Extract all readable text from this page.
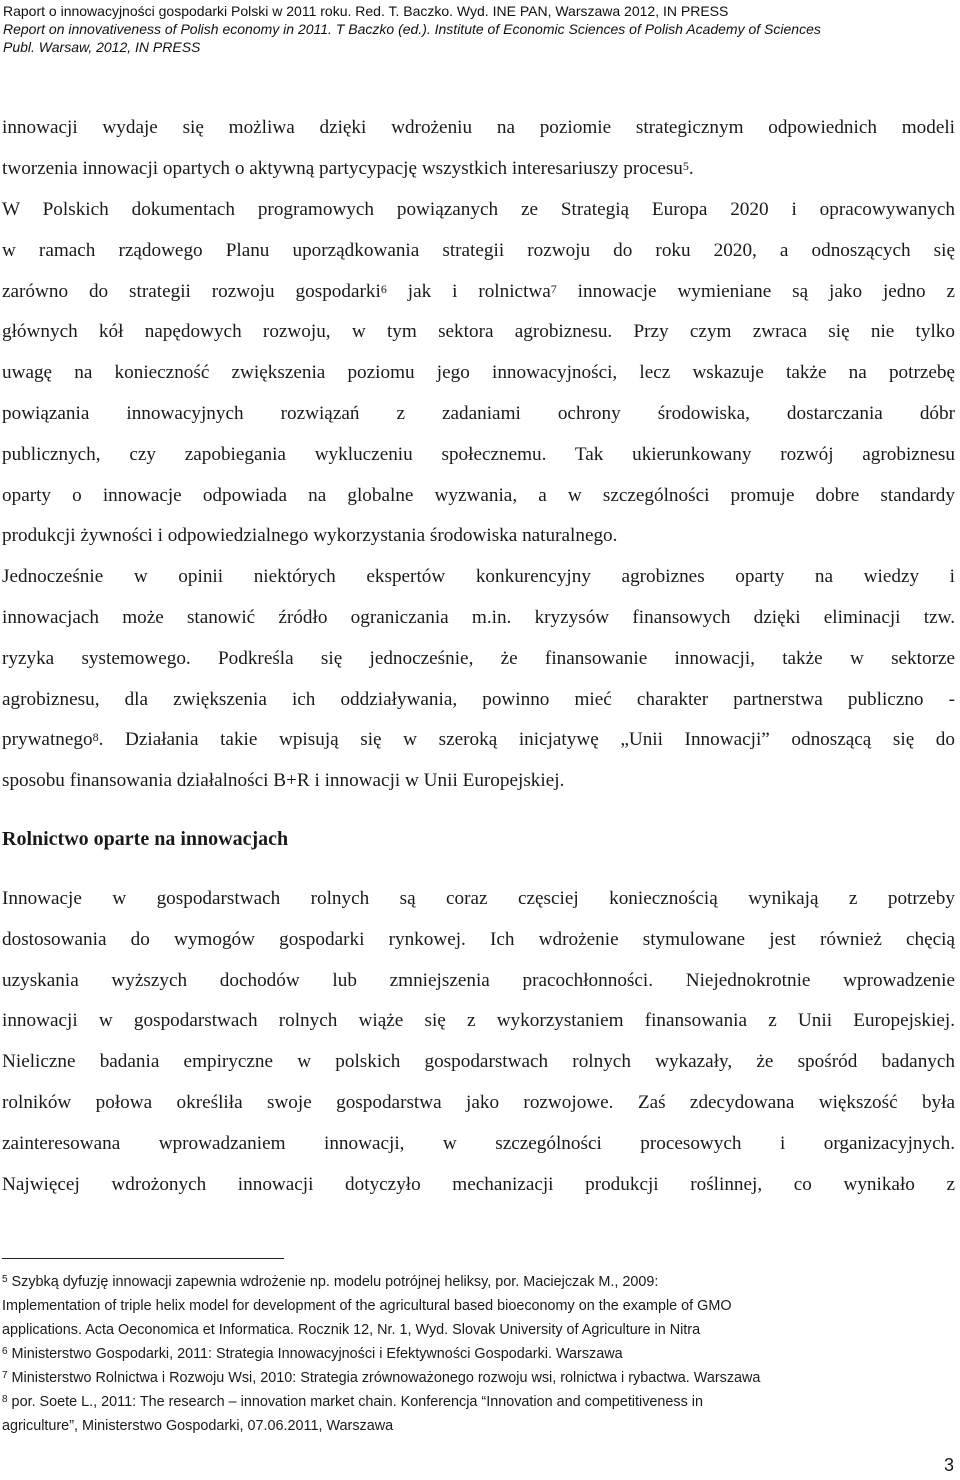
Raport o innowacyjności gospodarki Polski w 2011 roku. Red. T. Baczko. Wyd. INE PAN, Warszawa 2012, IN PRESS
Report on innovativeness of Polish economy in 2011. T Baczko (ed.). Institute of Economic Sciences of Polish Academy of Sciences
Publ. Warsaw, 2012, IN PRESS
innowacji wydaje się możliwa dzięki wdrożeniu na poziomie strategicznym odpowiednich modeli
tworzenia innowacji opartych o aktywną partycypację wszystkich interesariuszy procesu$^5$.
W Polskich dokumentach programowych powiązanych ze Strategią Europa 2020 i opracowywanych
w ramach rządowego Planu uporządkowania strategii rozwoju do roku 2020, a odnoszących się
zarówno do strategii rozwoju gospodarki$^6$ jak i rolnictwa$^7$ innowacje wymieniane są jako jedno z
głównych kół napędowych rozwoju, w tym sektora agrobiznesu. Przy czym zwraca się nie tylko
uwagę na konieczność zwiększenia poziomu jego innowacyjności, lecz wskazuje także na potrzebę
powiązania innowacyjnych rozwiązań z zadaniami ochrony środowiska, dostarczania dóbr
publicznych, czy zapobiegania wykluczeniu społecznemu. Tak ukierunkowany rozwój agrobiznesu
oparty o innowacje odpowiada na globalne wyzwania, a w szczególności promuje dobre standardy
produkcji żywności i odpowiedzialnego wykorzystania środowiska naturalnego.
Jednocześnie w opinii niektórych ekspertów konkurencyjny agrobiznes oparty na wiedzy i
innowacjach może stanowić źródło ograniczania m.in. kryzysów finansowych dzięki eliminacji tzw.
ryzyka systemowego. Podkreśla się jednocześnie, że finansowanie innowacji, także w sektorze
agrobiznesu, dla zwiększenia ich oddziaływania, powinno mieć charakter partnerstwa publiczno -
prywatnego$^8$. Działania takie wpisują się w szeroką inicjatywę „Unii Innowacji” odnoszącą się do
sposobu finansowania działalności B+R i innowacji w Unii Europejskiej.
Rolnictwo oparte na innowacjach
Innowacje w gospodarstwach rolnych są coraz częsciej koniecznością wynikają z potrzeby
dostosowania do wymogów gospodarki rynkowej. Ich wdrożenie stymulowane jest również chęcią
uzyskania wyższych dochodów lub zmniejszenia pracochłonności. Niejednokrotnie wprowadzenie
innowacji w gospodarstwach rolnych wiąże się z wykorzystaniem finansowania z Unii Europejskiej.
Nieliczne badania empiryczne w polskich gospodarstwach rolnych wykazały, że spośród badanych
rolników połowa określiła swoje gospodarstwa jako rozwojowe. Zaś zdecydowana większość była
zainteresowana wprowadzaniem innowacji, w szczególności procesowych i organizacyjnych.
Najwięcej wdrożonych innowacji dotyczyło mechanizacji produkcji roślinnej, co wynikało z
$^5$ Szybką dyfuzję innowacji zapewnia wdrożenie np. modelu potrójnej heliksy, por. Maciejczak M., 2009:
Implementation of triple helix model for development of the agricultural based bioeconomy on the example of GMO
applications. Acta Oeconomica et Informatica. Rocznik 12, Nr. 1, Wyd. Slovak University of Agriculture in Nitra
$^6$ Ministerstwo Gospodarki, 2011: Strategia Innowacyjności i Efektywności Gospodarki. Warszawa
$^7$ Ministerstwo Rolnictwa i Rozwoju Wsi, 2010: Strategia zrównoważonego rozwoju wsi, rolnictwa i rybactwa. Warszawa
$^8$ por. Soete L., 2011: The research – innovation market chain. Konferencja “Innovation and competitiveness in
agriculture”, Ministerstwo Gospodarki, 07.06.2011, Warszawa
3
